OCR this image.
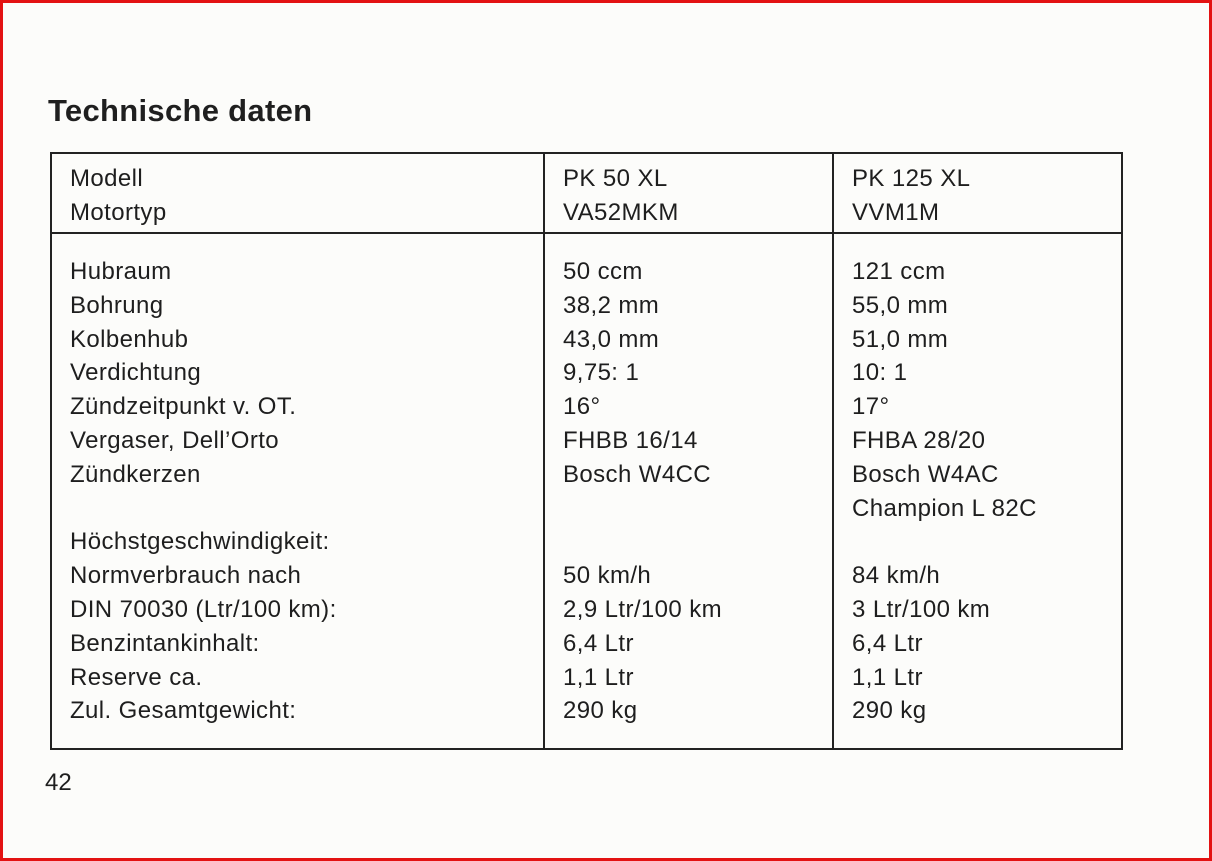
Technische daten
Modell
Motortyp
PK 50 XL
VA52MKM
PK 125 XL
VVM1M
Hubraum
Bohrung
Kolbenhub
Verdichtung
Zündzeitpunkt v. OT.
Vergaser, Dell’Orto
Zündkerzen
Höchstgeschwindigkeit:
Normverbrauch nach
DIN 70030 (Ltr/100 km):
Benzintankinhalt:
Reserve ca.
Zul. Gesamtgewicht:
50 ccm
38,2 mm
43,0 mm
9,75: 1
16°
FHBB 16/14
Bosch W4CC
50 km/h
2,9 Ltr/100 km
6,4 Ltr
1,1 Ltr
290 kg
121 ccm
55,0 mm
51,0 mm
10: 1
17°
FHBA 28/20
Bosch W4AC
Champion L 82C
84 km/h
3 Ltr/100 km
6,4 Ltr
1,1 Ltr
290 kg
42
